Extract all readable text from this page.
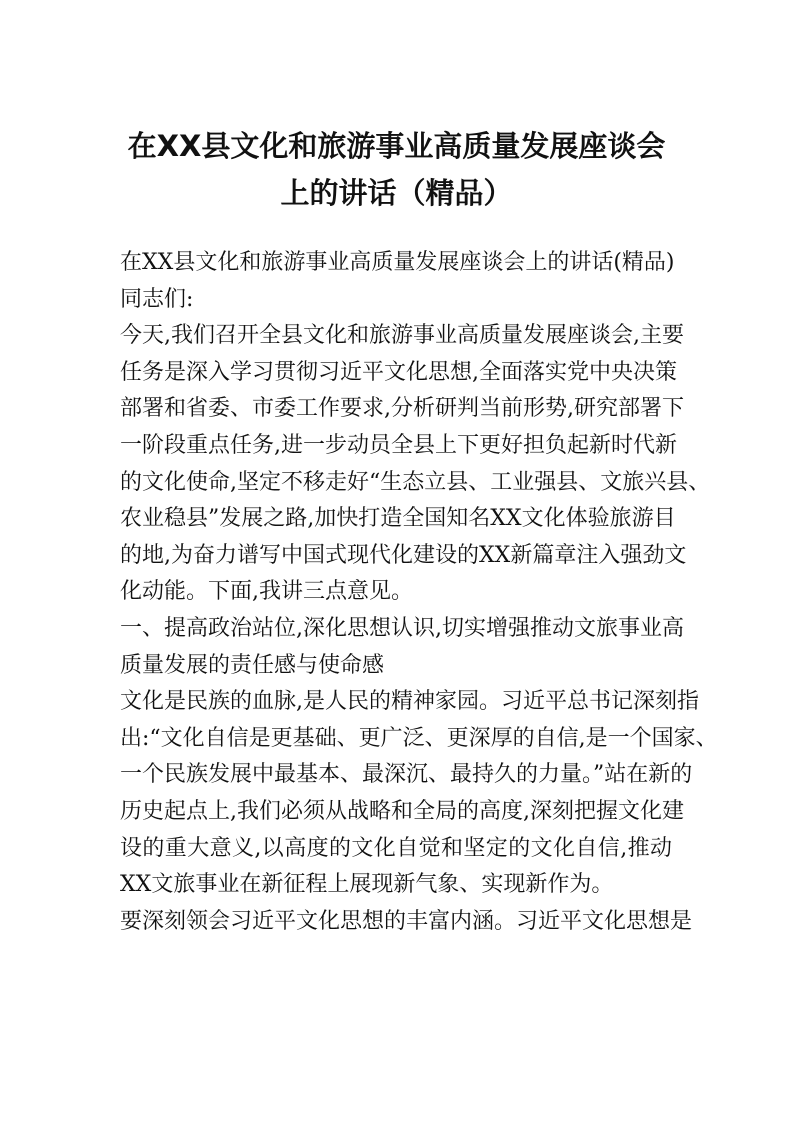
在XX县文化和旅游事业高质量发展座谈会
上的讲话（精品）
在XX县文化和旅游事业高质量发展座谈会上的讲话(精品)
同志们:
今天,我们召开全县文化和旅游事业高质量发展座谈会,主要
任务是深入学习贯彻习近平文化思想,全面落实党中央决策
部署和省委、市委工作要求,分析研判当前形势,研究部署下
一阶段重点任务,进一步动员全县上下更好担负起新时代新
的文化使命,坚定不移走好“生态立县、工业强县、文旅兴县、
农业稳县”发展之路,加快打造全国知名XX文化体验旅游目
的地,为奋力谱写中国式现代化建设的XX新篇章注入强劲文
化动能。下面,我讲三点意见。
一、提高政治站位,深化思想认识,切实增强推动文旅事业高
质量发展的责任感与使命感
文化是民族的血脉,是人民的精神家园。习近平总书记深刻指
出:“文化自信是更基础、更广泛、更深厚的自信,是一个国家、
一个民族发展中最基本、最深沉、最持久的力量。”站在新的
历史起点上,我们必须从战略和全局的高度,深刻把握文化建
设的重大意义,以高度的文化自觉和坚定的文化自信,推动
XX文旅事业在新征程上展现新气象、实现新作为。
要深刻领会习近平文化思想的丰富内涵。习近平文化思想是
